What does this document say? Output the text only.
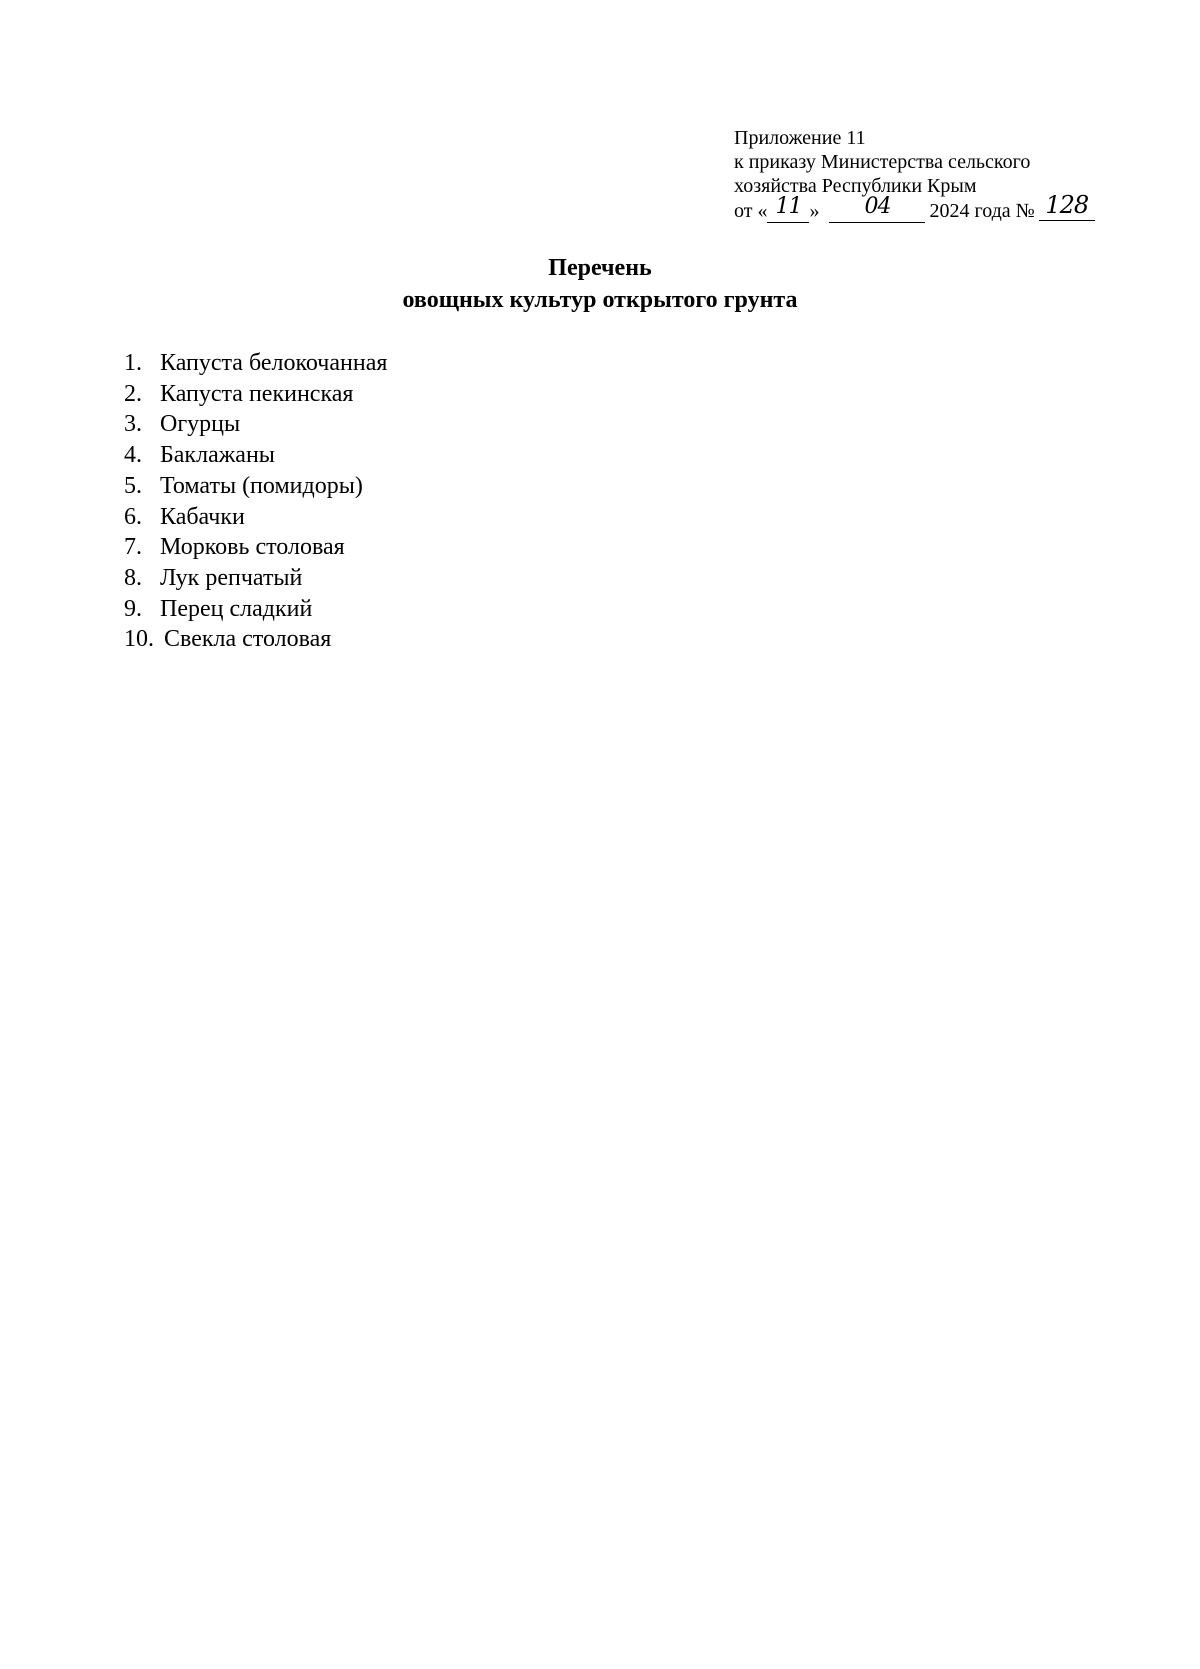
Приложение 11
к приказу Министерства сельского
хозяйства Республики Крым
от « 11 » 04 2024 года № 128
Перечень
овощных культур открытого грунта
1. Капуста белокочанная
2. Капуста пекинская
3. Огурцы
4. Баклажаны
5. Томаты (помидоры)
6. Кабачки
7. Морковь столовая
8. Лук репчатый
9. Перец сладкий
10. Свекла столовая
